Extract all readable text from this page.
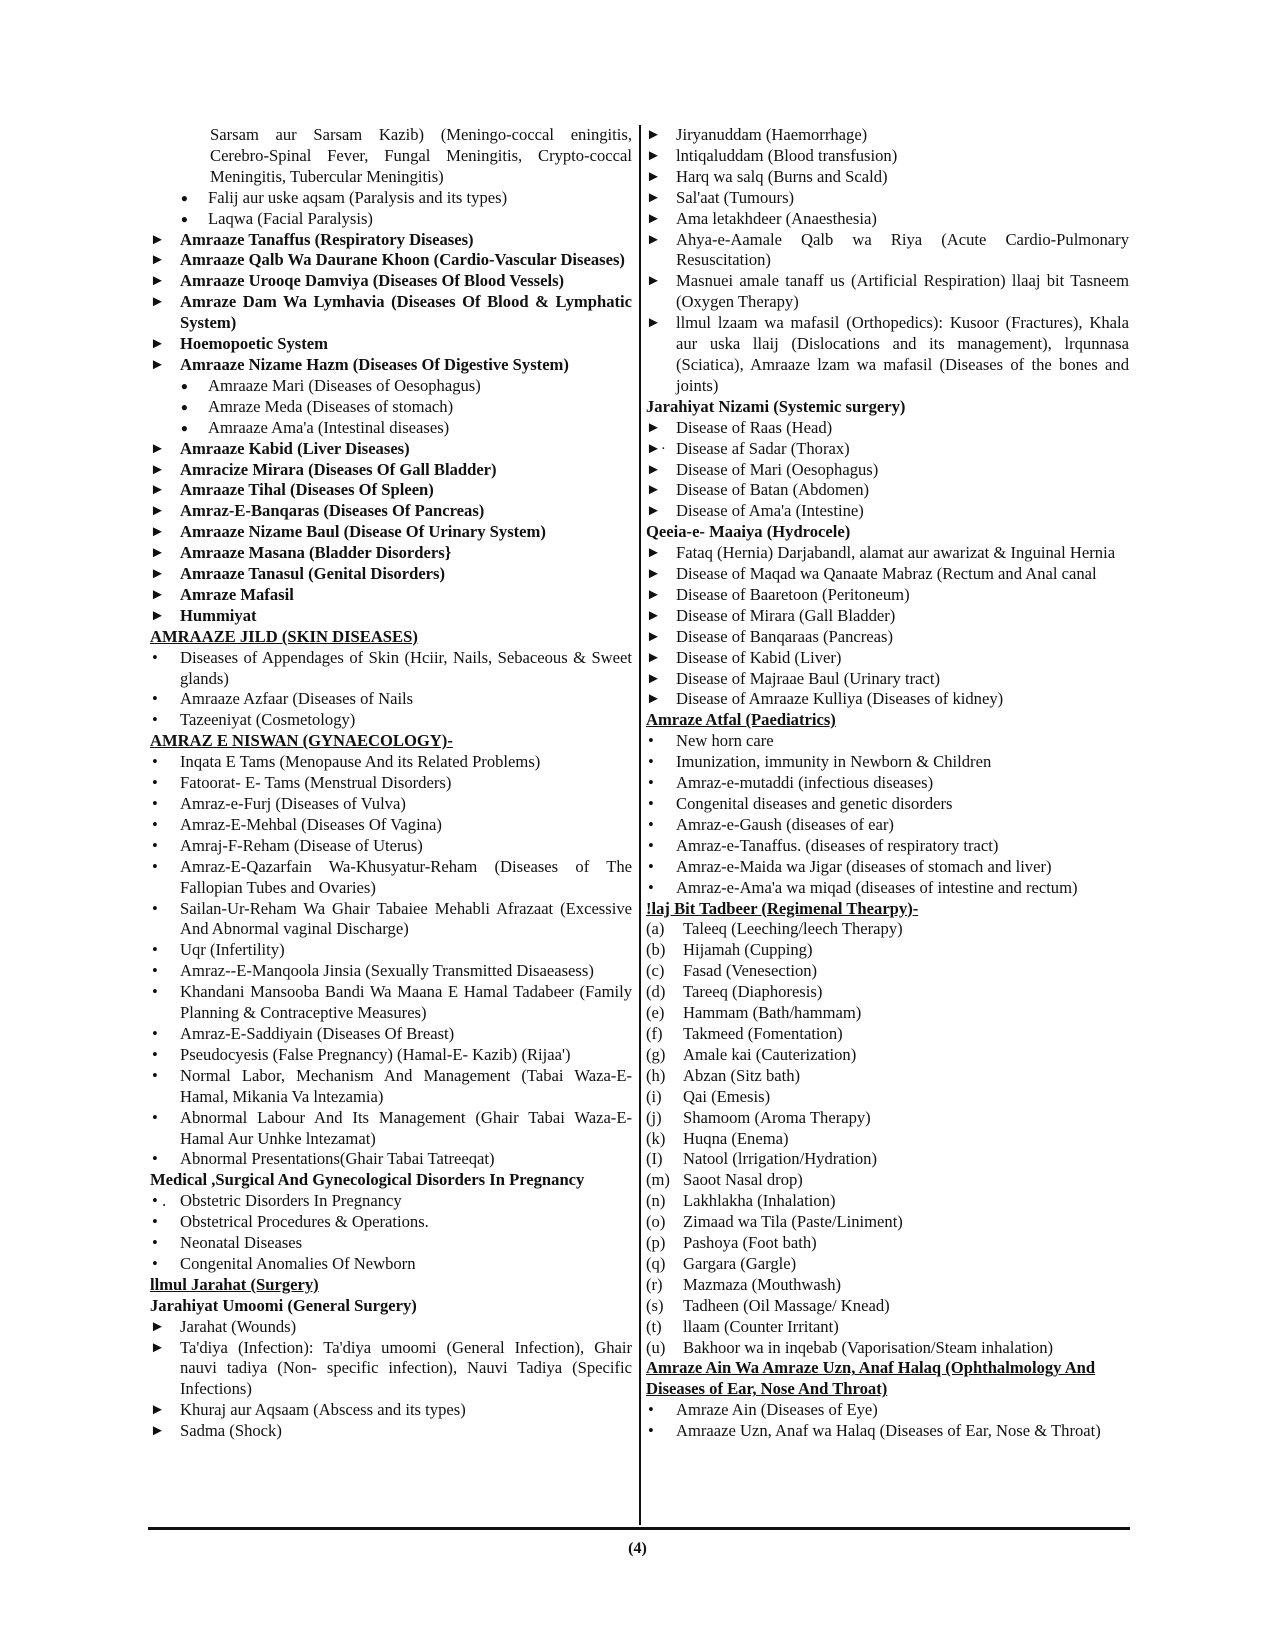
Sarsam aur Sarsam Kazib) (Meningo-coccal eningitis, Cerebro-Spinal Fever, Fungal Meningitis, Crypto-coccal Meningitis, Tubercular Meningitis)
●	Falij aur uske aqsam (Paralysis and its types)
●	Laqwa (Facial Paralysis)
► Amraaze Tanaffus (Respiratory Diseases)
► Amraaze Qalb Wa Daurane Khoon (Cardio-Vascular Diseases)
► Amraaze Urooqe Damviya (Diseases Of Blood Vessels)
► Amraze Dam Wa Lymhavia (Diseases Of Blood & Lymphatic System)
► Hoemopoetic System
► Amraaze Nizame Hazm (Diseases Of Digestive System)
●	Amraaze Mari (Diseases of Oesophagus)
●	Amraze Meda (Diseases of stomach)
●	Amraaze Ama'a (Intestinal diseases)
► Amraaze Kabid (Liver Diseases)
► Amracize Mirara (Diseases Of Gall Bladder)
► Amraaze Tihal (Diseases Of Spleen)
► Amraz-E-Banqaras (Diseases Of Pancreas)
► Amraaze Nizame Baul (Disease Of Urinary System)
► Amraaze Masana (Bladder Disorders}
► Amraaze Tanasul (Genital Disorders)
► Amraze Mafasil
► Hummiyat
AMRAAZE JILD (SKIN DISEASES)
•	Diseases of Appendages of Skin (Hciir, Nails, Sebaceous & Sweet glands)
•	Amraaze Azfaar (Diseases of Nails
•	Tazeeniyat (Cosmetology)
AMRAZ E NISWAN (GYNAECOLOGY)-
•	Inqata E Tams (Menopause And its Related Problems)
•	Fatoorat- E- Tams (Menstrual Disorders)
•	Amraz-e-Furj (Diseases of Vulva)
•	Amraz-E-Mehbal (Diseases Of Vagina)
•	Amraj-F-Reham (Disease of Uterus)
•	Amraz-E-Qazarfain Wa-Khusyatur-Reham (Diseases of The Fallopian Tubes and Ovaries)
•	Sailan-Ur-Reham Wa Ghair Tabaiee Mehabli Afrazaat (Excessive And Abnormal vaginal Discharge)
•	Uqr (Infertility)
•	Amraz--E-Manqoola Jinsia (Sexually Transmitted Disaeasess)
•	Khandani Mansooba Bandi Wa Maana E Hamal Tadabeer (Family Planning & Contraceptive Measures)
•	Amraz-E-Saddiyain (Diseases Of Breast)
•	Pseudocyesis (False Pregnancy) (Hamal-E- Kazib) (Rijaa')
•	Normal Labor, Mechanism And Management (Tabai Waza-E- Hamal, Mikania Va lntezamia)
•	Abnormal Labour And Its Management (Ghair Tabai Waza-E- Hamal Aur Unhke lntezamat)
•	Abnormal Presentations(Ghair Tabai Tatreeqat)
Medical ,Surgical And Gynecological Disorders In Pregnancy
• . Obstetric Disorders In Pregnancy
•	Obstetrical Procedures & Operations.
•	Neonatal Diseases
•	Congenital Anomalies Of Newborn
llmul Jarahat (Surgery)
Jarahiyat Umoomi (General Surgery)
► Jarahat (Wounds)
► Ta'diya (Infection): Ta'diya umoomi (General Infection), Ghair nauvi tadiya (Non- specific infection), Nauvi Tadiya (Specific Infections)
► Khuraj aur Aqsaam (Abscess and its types)
► Sadma (Shock)
► Jiryanuddam (Haemorrhage)
► lntiqaluddam (Blood transfusion)
► Harq wa salq (Burns and Scald)
► Sal'aat (Tumours)
► Ama letakhdeer (Anaesthesia)
► Ahya-e-Aamale Qalb wa Riya (Acute Cardio-Pulmonary Resuscitation)
► Masnuei amale tanaff us (Artificial Respiration) llaaj bit Tasneem (Oxygen Therapy)
► llmul lzaam wa mafasil (Orthopedics): Kusoor (Fractures), Khala aur uska llaij (Dislocations and its management), lrqunnasa (Sciatica), Amraaze lzam wa mafasil (Diseases of the bones and joints)
Jarahiyat Nizami (Systemic surgery)
► Disease of Raas (Head)
►· Disease af Sadar (Thorax)
► Disease of Mari (Oesophagus)
► Disease of Batan (Abdomen)
► Disease of Ama'a (Intestine)
Qeeia-e- Maaiya (Hydrocele)
► Fataq (Hernia) Darjabandl, alamat aur awarizat & Inguinal Hernia
► Disease of Maqad wa Qanaate Mabraz (Rectum and Anal canal
► Disease of Baaretoon (Peritoneum)
► Disease of Mirara (Gall Bladder)
► Disease of Banqaraas (Pancreas)
► Disease of Kabid (Liver)
► Disease of Majraae Baul (Urinary tract)
► Disease of Amraaze Kulliya (Diseases of kidney)
Amraze Atfal (Paediatrics)
•	New horn care
•	Imunization, immunity in Newborn & Children
•	Amraz-e-mutaddi (infectious diseases)
•	Congenital diseases and genetic disorders
•	Amraz-e-Gaush (diseases of ear)
•	Amraz-e-Tanaffus. (diseases of respiratory tract)
•	Amraz-e-Maida wa Jigar (diseases of stomach and liver)
•	Amraz-e-Ama'a wa miqad (diseases of intestine and rectum)
!laj Bit Tadbeer (Regimenal Thearpy)-
(a)	Taleeq (Leeching/leech Therapy)
(b)	Hijamah (Cupping)
(c)	Fasad (Venesection)
(d)	Tareeq (Diaphoresis)
(e)	Hammam (Bath/hammam)
(f)	Takmeed (Fomentation)
(g)	Amale kai (Cauterization)
(h)	Abzan (Sitz bath)
(i)	Qai (Emesis)
(j)	Shamoom (Aroma Therapy)
(k)	Huqna (Enema)
(I)	Natool (lrrigation/Hydration)
(m) Saoot Nasal drop)
(n)	Lakhlakha (Inhalation)
(o)	Zimaad wa Tila (Paste/Liniment)
(p)	Pashoya (Foot bath)
(q)	Gargara (Gargle)
(r)	Mazmaza (Mouthwash)
(s)	Tadheen (Oil Massage/ Knead)
(t)	llaam (Counter Irritant)
(u)	Bakhoor wa in inqebab (Vaporisation/Steam inhalation)
Amraze Ain Wa Amraze Uzn, Anaf Halaq (Ophthalmology And Diseases of Ear, Nose And Throat)
•	Amraze Ain (Diseases of Eye)
•	Amraaze Uzn, Anaf wa Halaq (Diseases of Ear, Nose & Throat)
(4)
